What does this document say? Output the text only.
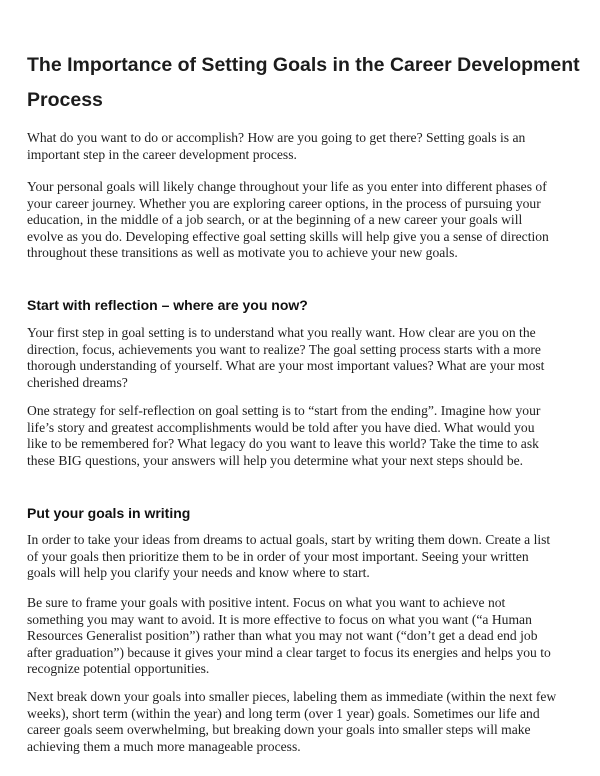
The Importance of Setting Goals in the Career Development
Process
What do you want to do or accomplish? How are you going to get there? Setting goals is an
important step in the career development process.
Your personal goals will likely change throughout your life as you enter into different phases of
your career journey. Whether you are exploring career options, in the process of pursuing your
education, in the middle of a job search, or at the beginning of a new career your goals will
evolve as you do. Developing effective goal setting skills will help give you a sense of direction
throughout these transitions as well as motivate you to achieve your new goals.
Start with reflection – where are you now?
Your first step in goal setting is to understand what you really want. How clear are you on the
direction, focus, achievements you want to realize? The goal setting process starts with a more
thorough understanding of yourself. What are your most important values? What are your most
cherished dreams?
One strategy for self-reflection on goal setting is to “start from the ending”. Imagine how your
life’s story and greatest accomplishments would be told after you have died. What would you
like to be remembered for? What legacy do you want to leave this world? Take the time to ask
these BIG questions, your answers will help you determine what your next steps should be.
Put your goals in writing
In order to take your ideas from dreams to actual goals, start by writing them down. Create a list
of your goals then prioritize them to be in order of your most important. Seeing your written
goals will help you clarify your needs and know where to start.
Be sure to frame your goals with positive intent. Focus on what you want to achieve not
something you may want to avoid. It is more effective to focus on what you want (“a Human
Resources Generalist position”) rather than what you may not want (“don’t get a dead end job
after graduation”) because it gives your mind a clear target to focus its energies and helps you to
recognize potential opportunities.
Next break down your goals into smaller pieces, labeling them as immediate (within the next few
weeks), short term (within the year) and long term (over 1 year) goals. Sometimes our life and
career goals seem overwhelming, but breaking down your goals into smaller steps will make
achieving them a much more manageable process.
